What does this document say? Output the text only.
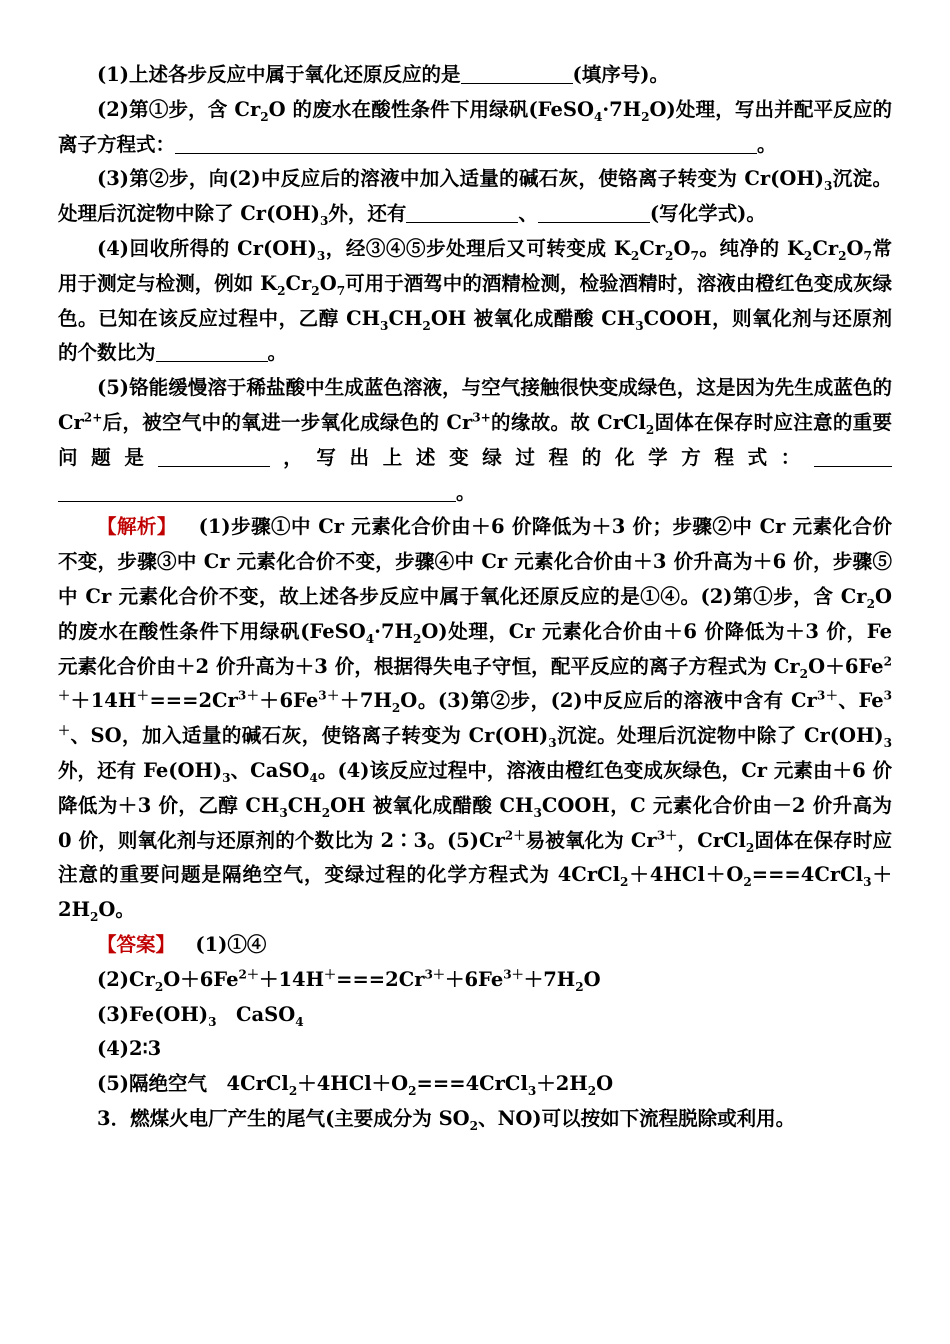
(1)上述各步反应中属于氧化还原反应的是	(填序号)。

(2)第①步，含 $Cr_2O$ 的废水在酸性条件下用绿矾$(FeSO_4\cdot 7H_2O)$处理，写出并配平反应的离子方程式：	。

(3)第②步，向(2)中反应后的溶液中加入适量的碱石灰，使铬离子转变为 $Cr(OH)_3$沉淀。处理后沉淀物中除了 $Cr(OH)_3$外，还有	、	(写化学式)。

(4)回收所得的 $Cr(OH)_3$，经③④⑤步处理后又可转变成 $K_2Cr_2O_7$。纯净的 $K_2Cr_2O_7$常用于测定与检测，例如 $K_2Cr_2O_7$可用于酒驾中的酒精检测，检验酒精时，溶液由橙红色变成灰绿色。已知在该反应过程中，乙醇 $CH_3CH_2OH$ 被氧化成醋酸 $CH_3COOH$，则氧化剂与还原剂的个数比为	。

(5)铬能缓慢溶于稀盐酸中生成蓝色溶液，与空气接触很快变成绿色，这是因为先生成蓝色的 $Cr^{2+}$后，被空气中的氧进一步氧化成绿色的 $Cr^{3+}$的缘故。故 CrCl$_2$固体在保存时应注意的重要问题是	，写出上述变绿过程的化学方程式：。

【解析】 (1)步骤①中 Cr 元素化合价由＋6 价降低为＋3 价；步骤②中 Cr 元素化合价不变，步骤③中 Cr 元素化合价不变，步骤④中 Cr 元素化合价由＋3 价升高为＋6 价，步骤⑤中 Cr 元素化合价不变，故上述各步反应中属于氧化还原反应的是①④。(2)第①步，含 $Cr_2O$ 的废水在酸性条件下用绿矾$(FeSO_4\cdot 7H_2O)$处理，Cr 元素化合价由＋6 价降低为＋3 价，Fe 元素化合价由＋2 价升高为＋3 价，根据得失电子守恒，配平反应的离子方程式为 $Cr_2O+6Fe^{2+}+14H^+===2Cr^{3+}+6Fe^{3+}+7H_2O$。(3)第②步，(2)中反应后的溶液中含有 $Cr^{3+}$、$Fe^{3+}$、SO，加入适量的碱石灰，使铬离子转变为 $Cr(OH)_3$沉淀。处理后沉淀物中除了 $Cr(OH)_3$外，还有 $Fe(OH)_3$、CaSO$_4$。(4)该反应过程中，溶液由橙红色变成灰绿色，Cr 元素由＋6 价降低为＋3 价，乙醇 $CH_3CH_2OH$ 被氧化成醋酸 $CH_3COOH$，C 元素化合价由－2 价升高为 0 价，则氧化剂与还原剂的个数比为 2∶3。$(5)Cr^{2+}$易被氧化为 $Cr^{3+}$，CrCl$_2$固体在保存时应注意的重要问题是隔绝空气，变绿过程的化学方程式为 $4CrCl_2+4HCl+O_2===4CrCl_3+2H_2O$。

【答案】 (1)①④

$(2)Cr_2O+6Fe^{2+}+14H^+===2Cr^{3+}+6Fe^{3+}+7H_2O$

$(3)Fe(OH)_3$　CaSO$_4$

(4)2∶3

(5)隔绝空气　$4CrCl_2+4HCl+O_2===4CrCl_3+2H_2O$

3．燃煤火电厂产生的尾气(主要成分为 $SO_2$、NO)可以按如下流程脱除或利用。
